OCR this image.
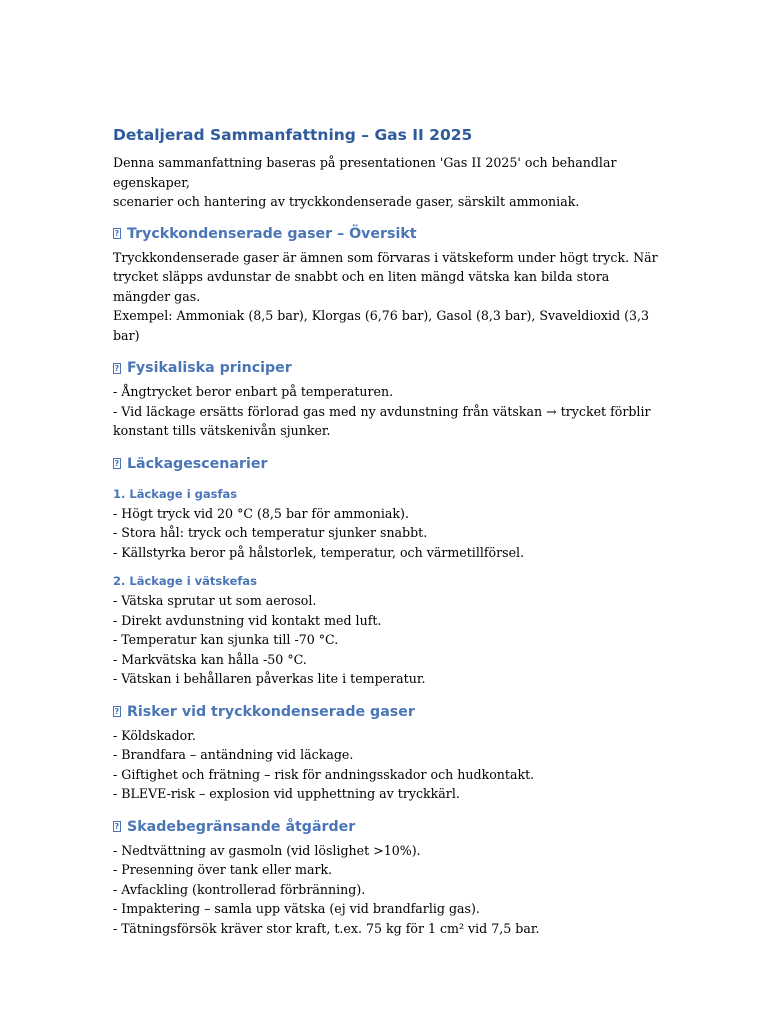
Detaljerad Sammanfattning – Gas II 2025

Denna sammanfattning baseras på presentationen 'Gas II 2025' och behandlar egenskaper,
scenarier och hantering av tryckkondenserade gaser, särskilt ammoniak.

?
Tryckkondenserade gaser – Översikt

Tryckkondenserade gaser är ämnen som förvaras i vätskeform under högt tryck. När
trycket släpps avdunstar de snabbt och en liten mängd vätska kan bilda stora mängder gas.
Exempel: Ammoniak (8,5 bar), Klorgas (6,76 bar), Gasol (8,3 bar), Svaveldioxid (3,3 bar)

?
Fysikaliska principer

- Ångtrycket beror enbart på temperaturen.
- Vid läckage ersätts förlorad gas med ny avdunstning från vätskan → trycket förblir
konstant tills vätskenivån sjunker.

?
Läckagescenarier
1. Läckage i gasfas

- Högt tryck vid 20 °C (8,5 bar för ammoniak).
- Stora hål: tryck och temperatur sjunker snabbt.
- Källstyrka beror på hålstorlek, temperatur, och värmetillförsel.

2. Läckage i vätskefas

- Vätska sprutar ut som aerosol.
- Direkt avdunstning vid kontakt med luft.
- Temperatur kan sjunka till -70 °C.
- Markvätska kan hålla -50 °C.
- Vätskan i behållaren påverkas lite i temperatur.

?
Risker vid tryckkondenserade gaser

- Köldskador.
- Brandfara – antändning vid läckage.
- Giftighet och frätning – risk för andningsskador och hudkontakt.
- BLEVE-risk – explosion vid upphettning av tryckkärl.

?
Skadebegränsande åtgärder

- Nedtvättning av gasmoln (vid löslighet >10%).
- Presenning över tank eller mark.
- Avfackling (kontrollerad förbränning).
- Impaktering – samla upp vätska (ej vid brandfarlig gas).
- Tätningsförsök kräver stor kraft, t.ex. 75 kg för 1 cm² vid 7,5 bar.
